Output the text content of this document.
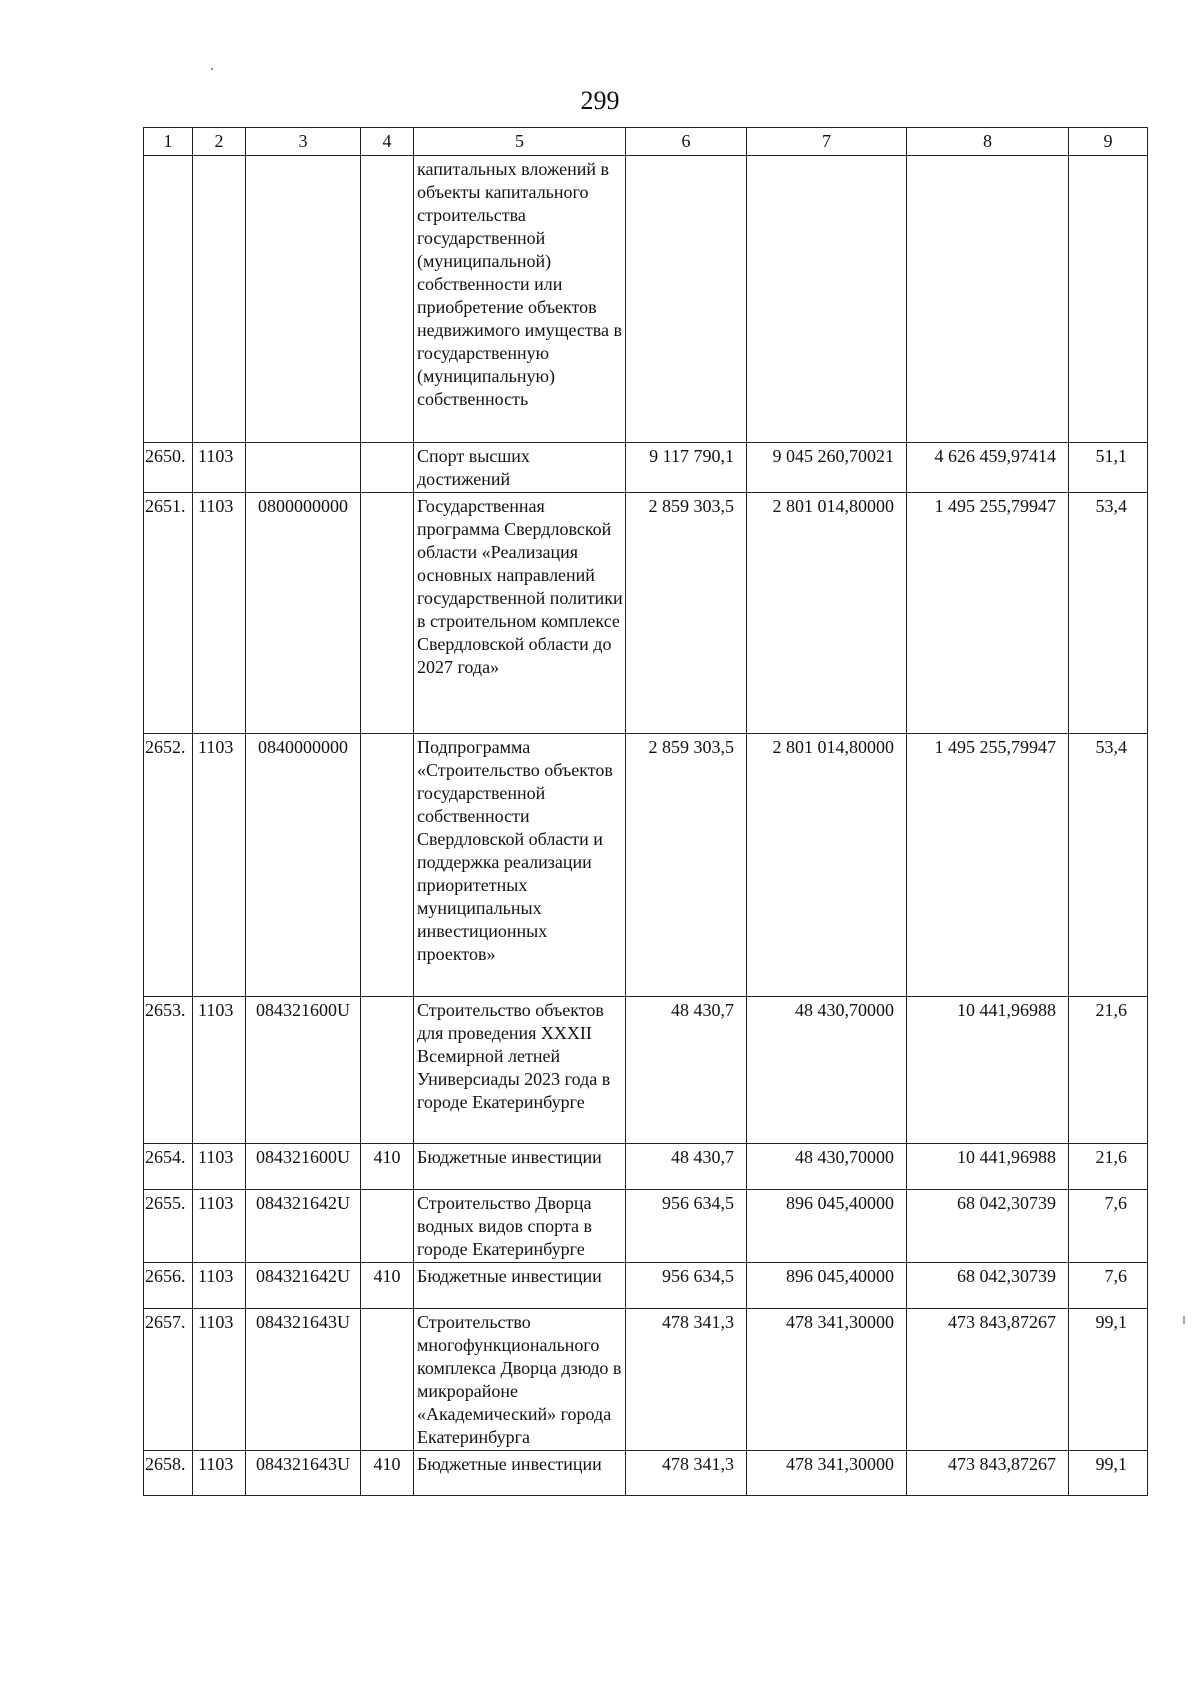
299
1	2	3	4	5	6	7	8	9
				капитальных вложений в объекты капитального строительства государственной (муниципальной) собственности или приобретение объектов недвижимого имущества в государственную (муниципальную) собственность				
2650.	1103			Спорт высших достижений	9 117 790,1	9 045 260,70021	4 626 459,97414	51,1
2651.	1103	0800000000		Государственная программа Свердловской области «Реализация основных направлений государственной политики в строительном комплексе Свердловской области до 2027 года»	2 859 303,5	2 801 014,80000	1 495 255,79947	53,4
2652.	1103	0840000000		Подпрограмма «Строительство объектов государственной собственности Свердловской области и поддержка реализации приоритетных муниципальных инвестиционных проектов»	2 859 303,5	2 801 014,80000	1 495 255,79947	53,4
2653.	1103	084321600U		Строительство объектов для проведения XXXII Всемирной летней Универсиады 2023 года в городе Екатеринбурге	48 430,7	48 430,70000	10 441,96988	21,6
2654.	1103	084321600U	410	Бюджетные инвестиции	48 430,7	48 430,70000	10 441,96988	21,6
2655.	1103	084321642U		Строительство Дворца водных видов спорта в городе Екатеринбурге	956 634,5	896 045,40000	68 042,30739	7,6
2656.	1103	084321642U	410	Бюджетные инвестиции	956 634,5	896 045,40000	68 042,30739	7,6
2657.	1103	084321643U		Строительство многофункционального комплекса Дворца дзюдо в микрорайоне «Академический» города Екатеринбурга	478 341,3	478 341,30000	473 843,87267	99,1
2658.	1103	084321643U	410	Бюджетные инвестиции	478 341,3	478 341,30000	473 843,87267	99,1
